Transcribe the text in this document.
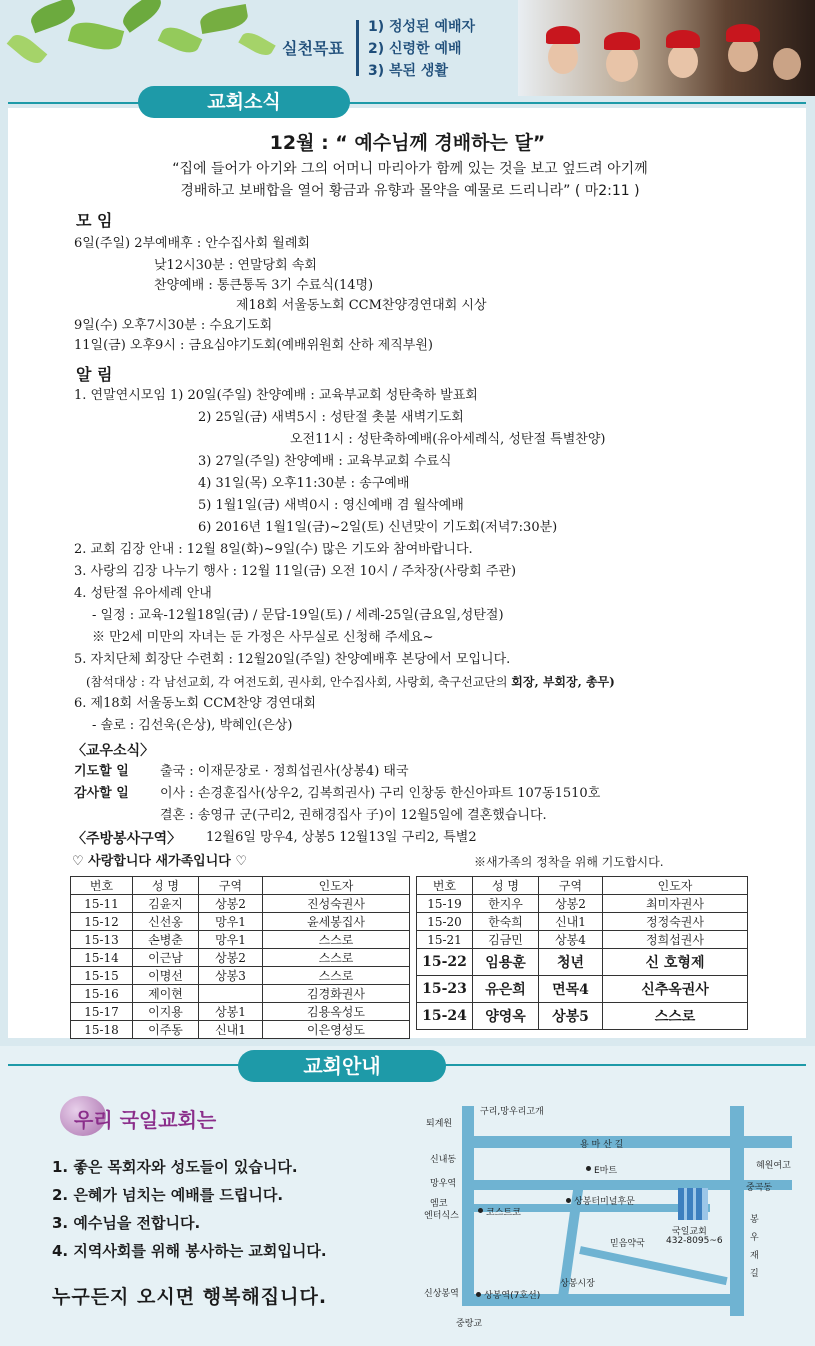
실천목표
1) 정성된 예배자
2) 신령한 예배
3) 복된 생활
교회소식
12월 : “ 예수님께 경배하는 달”
“집에 들어가 아기와 그의 어머니 마리아가 함께 있는 것을 보고 엎드려 아기께
경배하고 보배합을 열어 황금과 유향과 몰약을 예물로 드리니라” ( 마2:11 )
모 임
6일(주일) 2부예배후 : 안수집사회 월례회
낮12시30분 : 연말당회 속회
찬양예배 : 통큰통독 3기 수료식(14명)
제18회 서울동노회 CCM찬양경연대회 시상
9일(수) 오후7시30분 : 수요기도회
11일(금) 오후9시 : 금요심야기도회(예배위원회 산하 제직부원)
알 림
1. 연말연시모임 1) 20일(주일) 찬양예배 : 교육부교회 성탄축하 발표회
2) 25일(금) 새벽5시 : 성탄절 촛불 새벽기도회
오전11시 : 성탄축하예배(유아세례식, 성탄절 특별찬양)
3) 27일(주일) 찬양예배 : 교육부교회 수료식
4) 31일(목) 오후11:30분 : 송구예배
5) 1월1일(금) 새벽0시 : 영신예배 겸 월삭예배
6) 2016년 1월1일(금)~2일(토) 신년맞이 기도회(저녁7:30분)
2. 교회 김장 안내 : 12월 8일(화)~9일(수) 많은 기도와 참여바랍니다.
3. 사랑의 김장 나누기 행사 : 12월 11일(금) 오전 10시 / 주차장(사랑회 주관)
4. 성탄절 유아세례 안내
- 일정 : 교육-12월18일(금) / 문답-19일(토) / 세례-25일(금요일,성탄절)
※ 만2세 미만의 자녀는 둔 가정은 사무실로 신청해 주세요~
5. 자치단체 회장단 수련회 : 12월20일(주일) 찬양예배후 본당에서 모입니다.
(참석대상 : 각 남선교회, 각 여전도회, 권사회, 안수집사회, 사랑회, 축구선교단의 회장, 부회장, 총무)
6. 제18회 서울동노회 CCM찬양 경연대회
- 솔로 : 김선욱(은상), 박혜인(은상)
〈교우소식〉
기도할 일 출국 : 이재문장로 · 정희섭권사(상봉4) 태국
감사할 일 이사 : 손경훈집사(상우2, 김복희권사) 구리 인창동 한신아파트 107동1510호
결혼 : 송영규 군(구리2, 권해경집사 子)이 12월5일에 결혼했습니다.
〈주방봉사구역〉 12월6일 망우4, 상봉5 12월13일 구리2, 특별2
♡ 사랑합니다 새가족입니다 ♡	※새가족의 정착을 위해 기도합시다.
번호	성 명	구역	인도자
15-11	김윤지	상봉2	진성숙권사
15-12	신선옹	망우1	윤세봉집사
15-13	손병춘	망우1	스스로
15-14	이근남	상봉2	스스로
15-15	이명선	상봉3	스스로
15-16	제이현		김경화권사
15-17	이지용	상봉1	김용옥성도
15-18	이주동	신내1	이은영성도
번호	성 명	구역	인도자
15-19	한지우	상봉2	최미자권사
15-20	한숙희	신내1	정정숙권사
15-21	김금민	상봉4	정희섭권사
15-22	임용훈	청년	신 호형제
15-23	유은희	면목4	신추옥권사
15-24	양영옥	상봉5	스스로
교회안내
우리 국일교회는
1. 좋은 목회자와 성도들이 있습니다.
2. 은혜가 넘치는 예배를 드립니다.
3. 예수님을 전합니다.
4. 지역사회를 위해 봉사하는 교회입니다.
누구든지 오시면 행복해집니다.
구리,망우리고개
퇴계원
용 마 산 길
신내동
E마트	혜원여고
망우역	중곡동
엠코
엔터식스	코스트코
상봉터미널후문
국일교회
432-8095~6
믿음약국
상봉시장
신상봉역	상봉역(7호선)
중랑교
봉
우
재
길
